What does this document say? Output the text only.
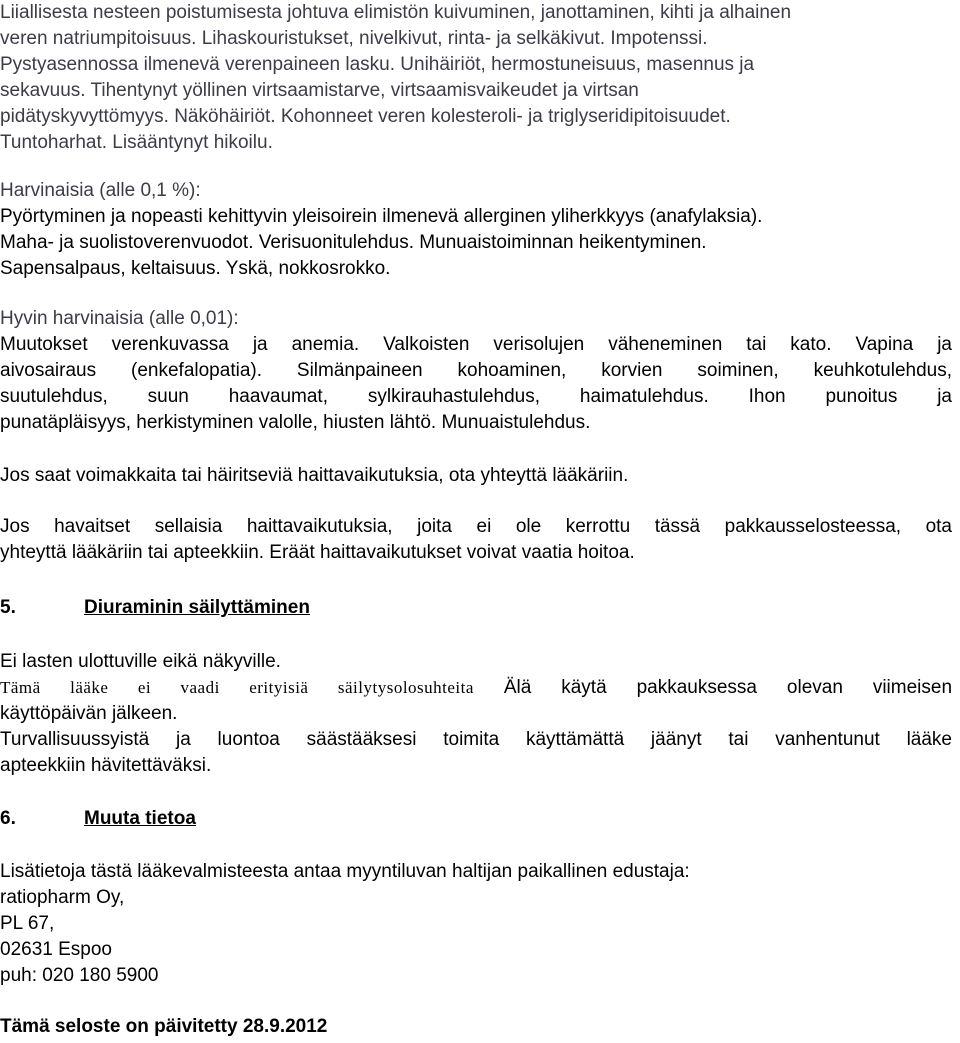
Liiallisesta nesteen poistumisesta johtuva elimistön kuivuminen, janottaminen, kihti ja alhainen
veren natriumpitoisuus. Lihaskouristukset, nivelkivut, rinta- ja selkäkivut. Impotenssi.
Pystyasennossa ilmenevä verenpaineen lasku. Unihäiriöt, hermostuneisuus, masennus ja
sekavuus. Tihentynyt yöllinen virtsaamistarve, virtsaamisvaikeudet ja virtsan
pidätyskyvyttömyys. Näköhäiriöt. Kohonneet veren kolesteroli- ja triglyseridipitoisuudet.
Tuntoharhat. Lisääntynyt hikoilu.
Harvinaisia (alle 0,1 %):
Pyörtyminen ja nopeasti kehittyvin yleisoirein ilmenevä allerginen yliherkkyys (anafylaksia).
Maha- ja suolistoverenvuodot. Verisuonitulehdus. Munuaistoiminnan heikentyminen.
Sapensalpaus, keltaisuus. Yskä, nokkosrokko.
Hyvin harvinaisia (alle 0,01):
Muutokset verenkuvassa ja anemia. Valkoisten verisolujen väheneminen tai kato. Vapina ja
aivosairaus (enkefalopatia). Silmänpaineen kohoaminen, korvien soiminen, keuhkotulehdus,
suutulehdus, suun haavaumat, sylkirauhastulehdus, haimatulehdus. Ihon punoitus ja
punatäpläisyys, herkistyminen valolle, hiusten lähtö. Munuaistulehdus.
Jos saat voimakkaita tai häiritseviä haittavaikutuksia, ota yhteyttä lääkäriin.
Jos havaitset sellaisia haittavaikutuksia, joita ei ole kerrottu tässä pakkausselosteessa, ota
yhteyttä lääkäriin tai apteekkiin. Eräät haittavaikutukset voivat vaatia hoitoa.
5.	Diuraminin säilyttäminen
Ei lasten ulottuville eikä näkyville.
Tämä lääke ei vaadi erityisiä säilytysolosuhteita Älä käytä pakkauksessa olevan viimeisen
käyttöpäivän jälkeen.
Turvallisuussyistä ja luontoa säästääksesi toimita käyttämättä jäänyt tai vanhentunut lääke
apteekkiin hävitettäväksi.
6.	Muuta tietoa
Lisätietoja tästä lääkevalmisteesta antaa myyntiluvan haltijan paikallinen edustaja:
ratiopharm Oy,
PL 67,
02631 Espoo
puh: 020 180 5900
Tämä seloste on päivitetty 28.9.2012
